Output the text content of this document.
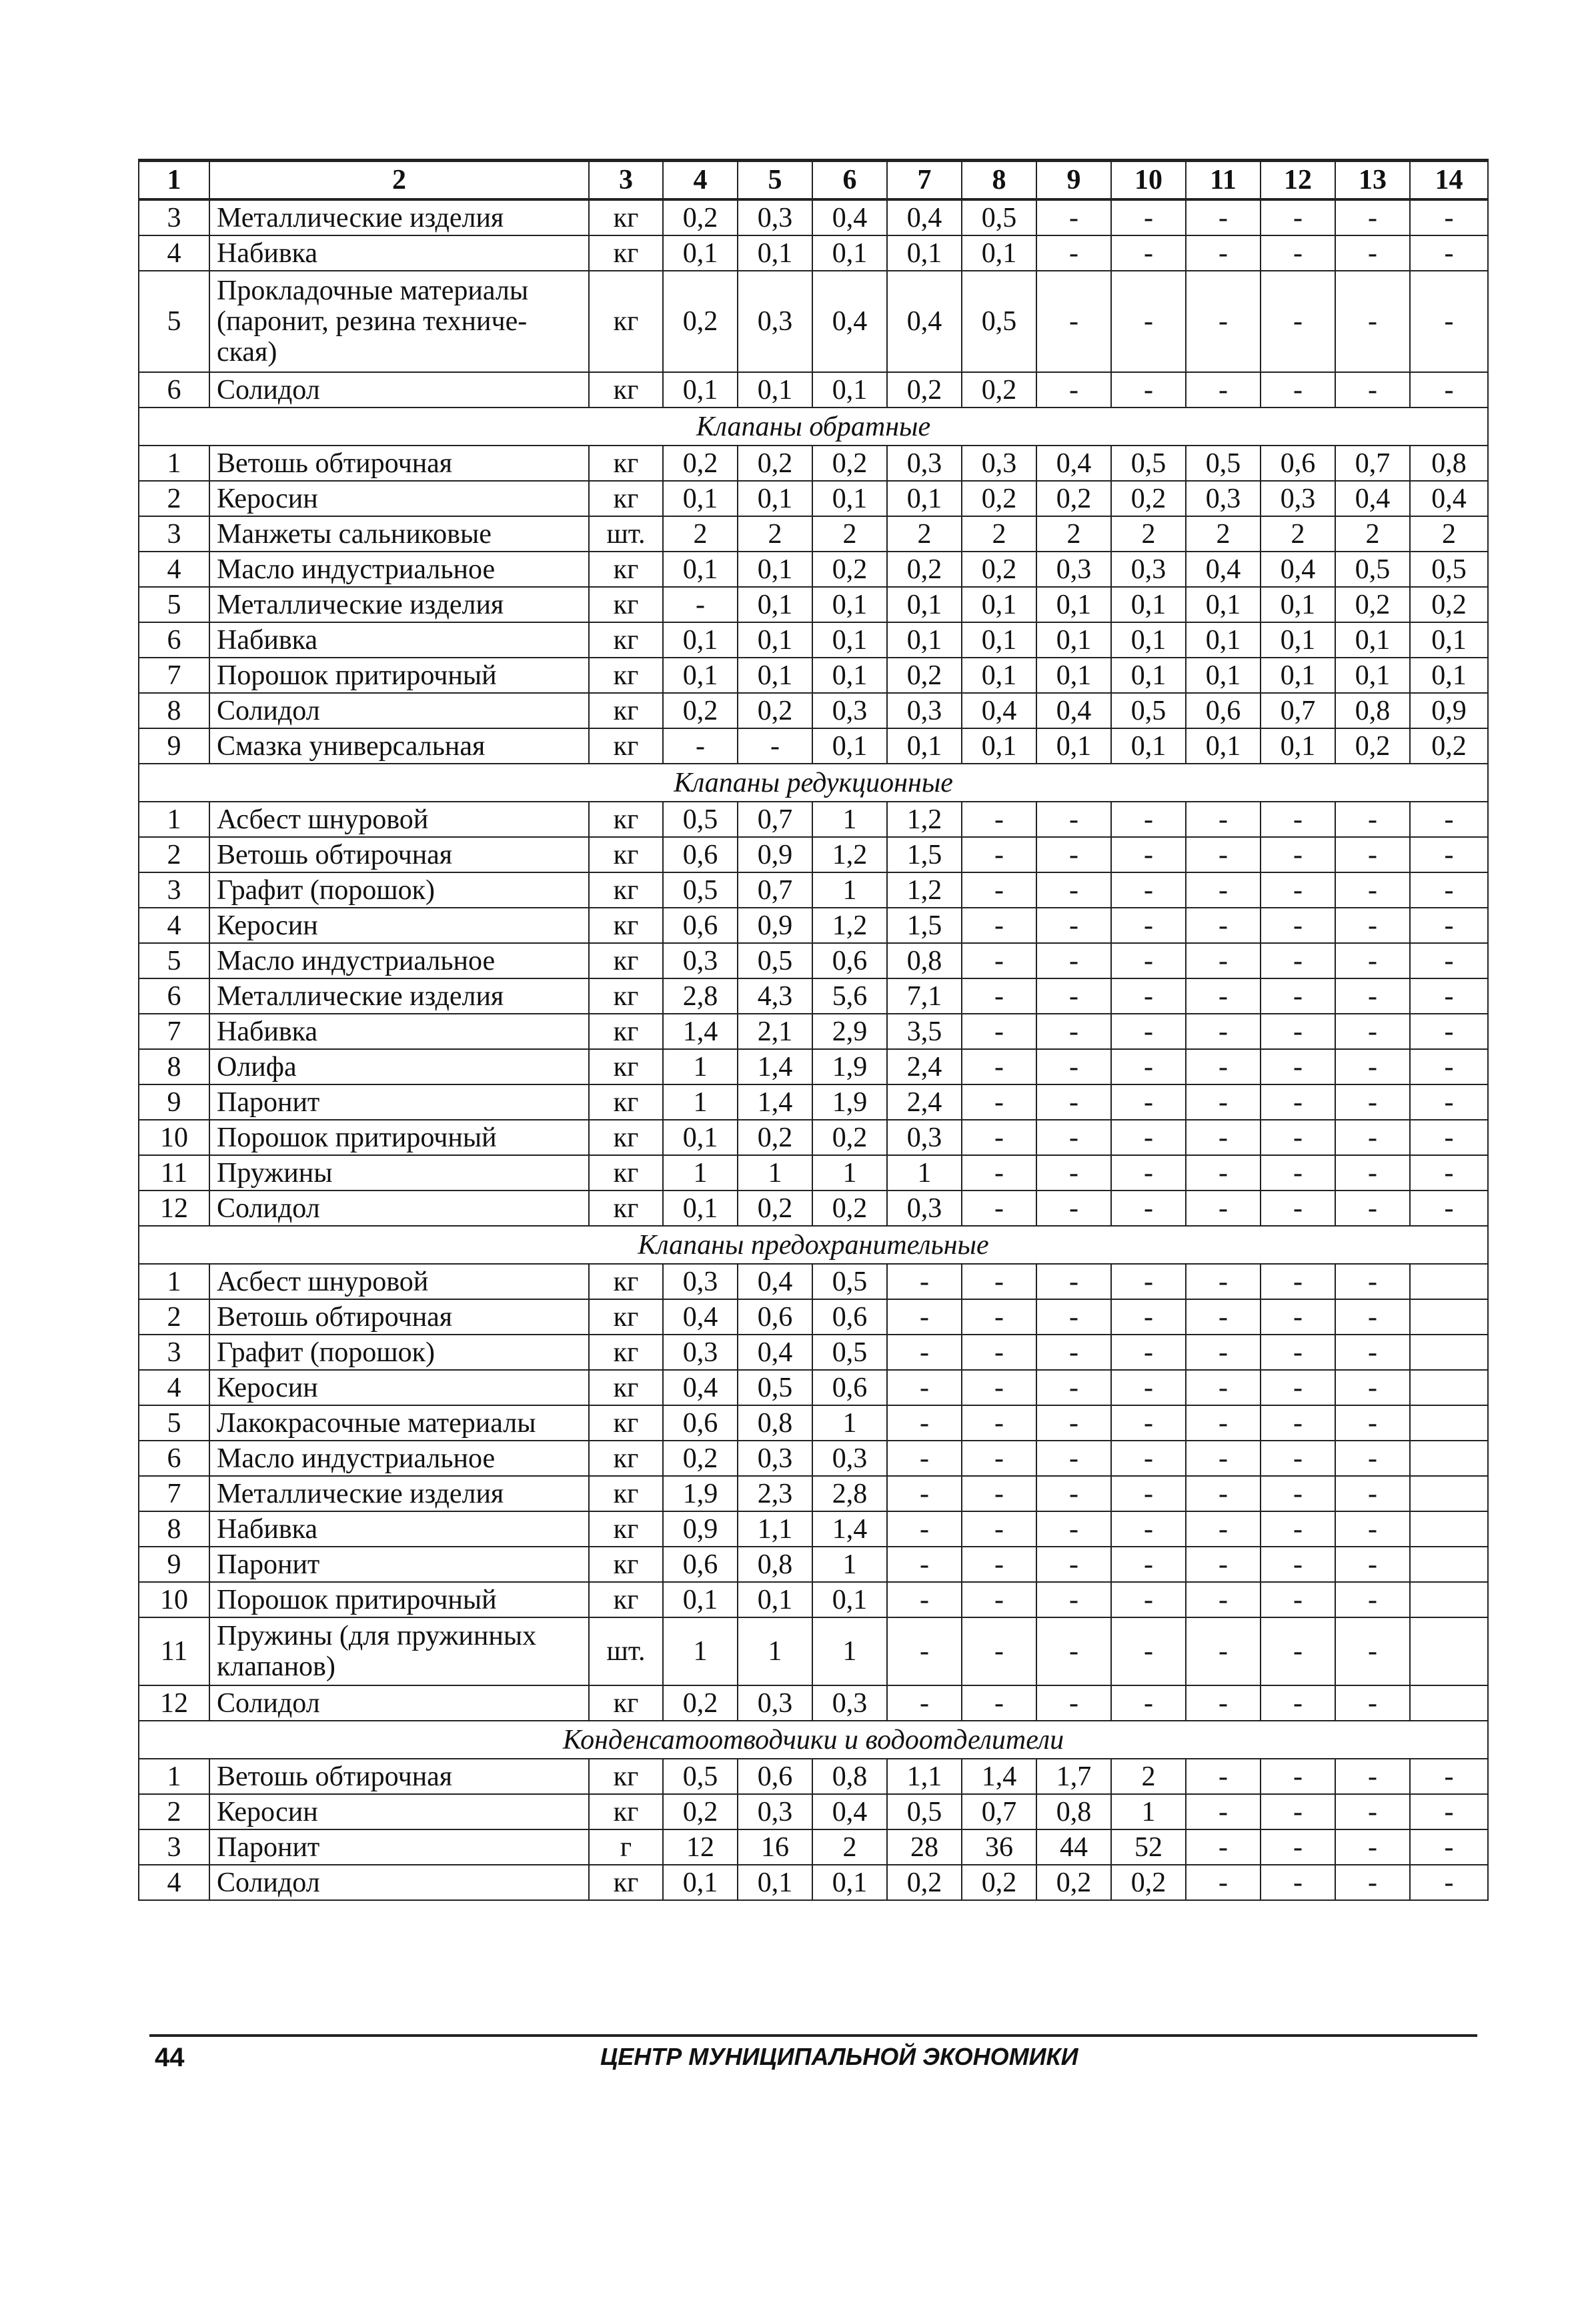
1	2	3	4	5	6	7	8	9	10	11	12	13	14
3	Металлические изделия	кг	0,2	0,3	0,4	0,4	0,5	-	-	-	-	-	-
4	Набивка	кг	0,1	0,1	0,1	0,1	0,1	-	-	-	-	-	-
5	Прокладочные материалы (паронит, резина техниче-ская)	кг	0,2	0,3	0,4	0,4	0,5	-	-	-	-	-	-
6	Солидол	кг	0,1	0,1	0,1	0,2	0,2	-	-	-	-	-	-
Клапаны обратные													
1	Ветошь обтирочная	кг	0,2	0,2	0,2	0,3	0,3	0,4	0,5	0,5	0,6	0,7	0,8
2	Керосин	кг	0,1	0,1	0,1	0,1	0,2	0,2	0,2	0,3	0,3	0,4	0,4
3	Манжеты сальниковые	шт.	2	2	2	2	2	2	2	2	2	2	2
4	Масло индустриальное	кг	0,1	0,1	0,2	0,2	0,2	0,3	0,3	0,4	0,4	0,5	0,5
5	Металлические изделия	кг	-	0,1	0,1	0,1	0,1	0,1	0,1	0,1	0,1	0,2	0,2
6	Набивка	кг	0,1	0,1	0,1	0,1	0,1	0,1	0,1	0,1	0,1	0,1	0,1
7	Порошок притирочный	кг	0,1	0,1	0,1	0,2	0,1	0,1	0,1	0,1	0,1	0,1	0,1
8	Солидол	кг	0,2	0,2	0,3	0,3	0,4	0,4	0,5	0,6	0,7	0,8	0,9
9	Смазка универсальная	кг	-	-	0,1	0,1	0,1	0,1	0,1	0,1	0,1	0,2	0,2
Клапаны редукционные													
1	Асбест шнуровой	кг	0,5	0,7	1	1,2	-	-	-	-	-	-	-
2	Ветошь обтирочная	кг	0,6	0,9	1,2	1,5	-	-	-	-	-	-	-
3	Графит (порошок)	кг	0,5	0,7	1	1,2	-	-	-	-	-	-	-
4	Керосин	кг	0,6	0,9	1,2	1,5	-	-	-	-	-	-	-
5	Масло индустриальное	кг	0,3	0,5	0,6	0,8	-	-	-	-	-	-	-
6	Металлические изделия	кг	2,8	4,3	5,6	7,1	-	-	-	-	-	-	-
7	Набивка	кг	1,4	2,1	2,9	3,5	-	-	-	-	-	-	-
8	Олифа	кг	1	1,4	1,9	2,4	-	-	-	-	-	-	-
9	Паронит	кг	1	1,4	1,9	2,4	-	-	-	-	-	-	-
10	Порошок притирочный	кг	0,1	0,2	0,2	0,3	-	-	-	-	-	-	-
11	Пружины	кг	1	1	1	1	-	-	-	-	-	-	-
12	Солидол	кг	0,1	0,2	0,2	0,3	-	-	-	-	-	-	-
Клапаны предохранительные													
1	Асбест шнуровой	кг	0,3	0,4	0,5	-	-	-	-	-	-	-	
2	Ветошь обтирочная	кг	0,4	0,6	0,6	-	-	-	-	-	-	-	
3	Графит (порошок)	кг	0,3	0,4	0,5	-	-	-	-	-	-	-	
4	Керосин	кг	0,4	0,5	0,6	-	-	-	-	-	-	-	
5	Лакокрасочные материалы	кг	0,6	0,8	1	-	-	-	-	-	-	-	
6	Масло индустриальное	кг	0,2	0,3	0,3	-	-	-	-	-	-	-	
7	Металлические изделия	кг	1,9	2,3	2,8	-	-	-	-	-	-	-	
8	Набивка	кг	0,9	1,1	1,4	-	-	-	-	-	-	-	
9	Паронит	кг	0,6	0,8	1	-	-	-	-	-	-	-	
10	Порошок притирочный	кг	0,1	0,1	0,1	-	-	-	-	-	-	-	
11	Пружины (для пружинных клапанов)	шт.	1	1	1	-	-	-	-	-	-	-	
12	Солидол	кг	0,2	0,3	0,3	-	-	-	-	-	-	-	
Конденсатоотводчики и водоотделители													
1	Ветошь обтирочная	кг	0,5	0,6	0,8	1,1	1,4	1,7	2	-	-	-	-
2	Керосин	кг	0,2	0,3	0,4	0,5	0,7	0,8	1	-	-	-	-
3	Паронит	г	12	16	2	28	36	44	52	-	-	-	-
4	Солидол	кг	0,1	0,1	0,1	0,2	0,2	0,2	0,2	-	-	-	-
44	ЦЕНТР МУНИЦИПАЛЬНОЙ ЭКОНОМИКИ
